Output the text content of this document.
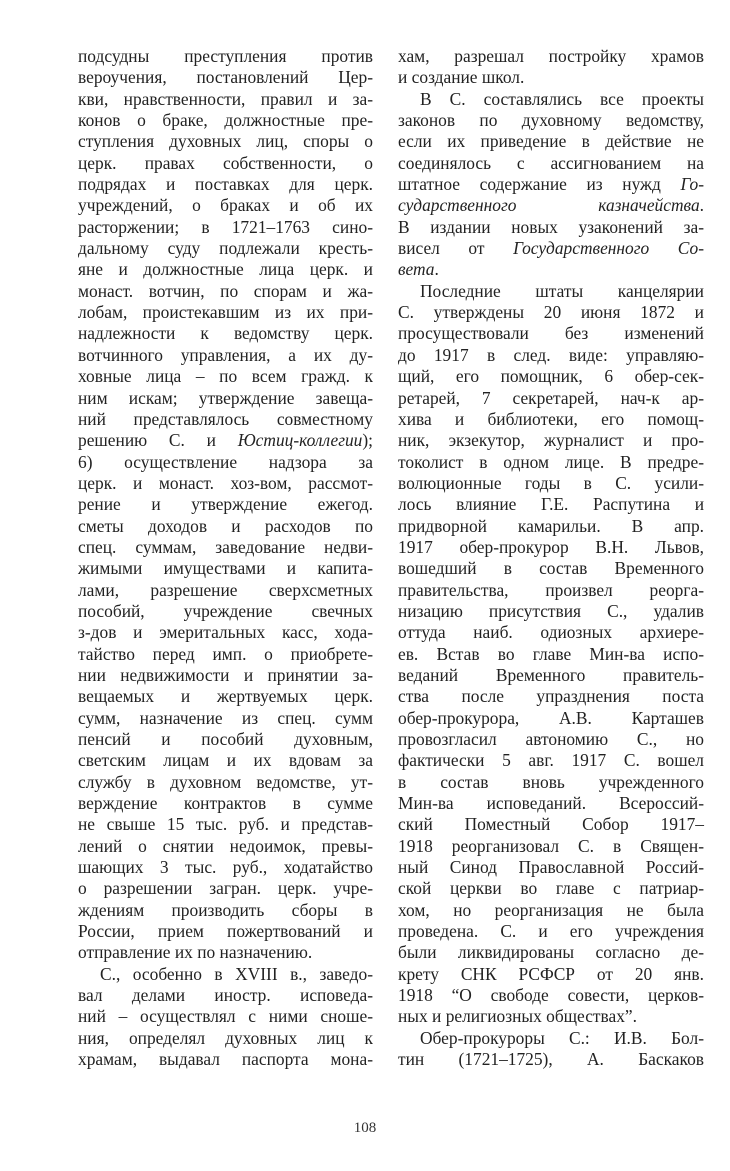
подсудны преступления против
вероучения, постановлений Цер-
кви, нравственности, правил и за-
конов о браке, должностные пре-
ступления духовных лиц, споры о
церк. правах собственности, о
подрядах и поставках для церк.
учреждений, о браках и об их
расторжении; в 1721–1763 сино-
дальному суду подлежали кресть-
яне и должностные лица церк. и
монаст. вотчин, по спорам и жа-
лобам, проистекавшим из их при-
надлежности к ведомству церк.
вотчинного управления, а их ду-
ховные лица – по всем гражд. к
ним искам; утверждение завеща-
ний представлялось совместному
решению С. и Юстиц-коллегии);
6) осуществление надзора за
церк. и монаст. хоз-вом, рассмот-
рение и утверждение ежегод.
сметы доходов и расходов по
спец. суммам, заведование недви-
жимыми имуществами и капита-
лами, разрешение сверхсметных
пособий, учреждение свечных
з-дов и эмеритальных касс, хода-
тайство перед имп. о приобрете-
нии недвижимости и принятии за-
вещаемых и жертвуемых церк.
сумм, назначение из спец. сумм
пенсий и пособий духовным,
светским лицам и их вдовам за
службу в духовном ведомстве, ут-
верждение контрактов в сумме
не свыше 15 тыс. руб. и представ-
лений о снятии недоимок, превы-
шающих 3 тыс. руб., ходатайство
о разрешении загран. церк. учре-
ждениям производить сборы в
России, прием пожертвований и
отправление их по назначению.
С., особенно в XVIII в., заведо-
вал делами иностр. исповеда-
ний – осуществлял с ними сноше-
ния, определял духовных лиц к
храмам, выдавал паспорта мона-
хам, разрешал постройку храмов
и создание школ.
В С. составлялись все проекты
законов по духовному ведомству,
если их приведение в действие не
соединялось с ассигнованием на
штатное содержание из нужд Го-
сударственного казначейства.
В издании новых узаконений за-
висел от Государственного Со-
вета.
Последние штаты канцелярии
С. утверждены 20 июня 1872 и
просуществовали без изменений
до 1917 в след. виде: управляю-
щий, его помощник, 6 обер-сек-
ретарей, 7 секретарей, нач-к ар-
хива и библиотеки, его помощ-
ник, экзекутор, журналист и про-
токолист в одном лице. В предре-
волюционные годы в С. усили-
лось влияние Г.Е. Распутина и
придворной камарильи. В апр.
1917 обер-прокурор В.Н. Львов,
вошедший в состав Временного
правительства, произвел реорга-
низацию присутствия С., удалив
оттуда наиб. одиозных архиере-
ев. Встав во главе Мин-ва испо-
веданий Временного правитель-
ства после упразднения поста
обер-прокурора, А.В. Карташев
провозгласил автономию С., но
фактически 5 авг. 1917 С. вошел
в состав вновь учрежденного
Мин-ва исповеданий. Всероссий-
ский Поместный Собор 1917–
1918 реорганизовал С. в Священ-
ный Синод Православной Россий-
ской церкви во главе с патриар-
хом, но реорганизация не была
проведена. С. и его учреждения
были ликвидированы согласно де-
крету СНК РСФСР от 20 янв.
1918 “О свободе совести, церков-
ных и религиозных обществах”.
Обер-прокуроры С.: И.В. Бол-
тин (1721–1725), А. Баскаков
108
